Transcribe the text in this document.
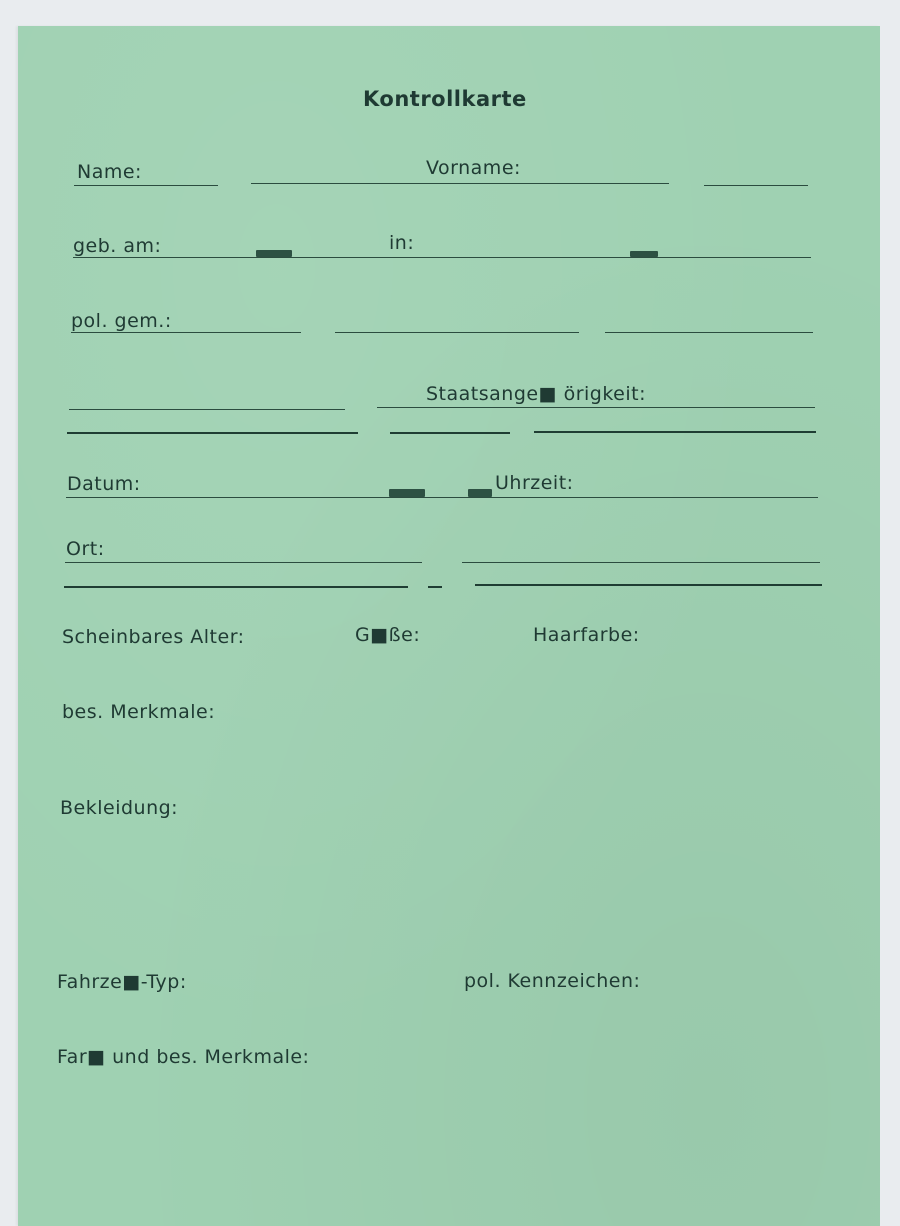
Kontrollkarte
Name:	Vorname:
geb. am:	in:
pol. gem.:
Staatsange■ örigkeit:
Datum:	Uhrzeit:
Ort:
Scheinbares Alter:	G■ße:	Haarfarbe:
bes. Merkmale:
Bekleidung:
Fahrze■-Typ:	pol. Kennzeichen:
Far■ und bes. Merkmale:
